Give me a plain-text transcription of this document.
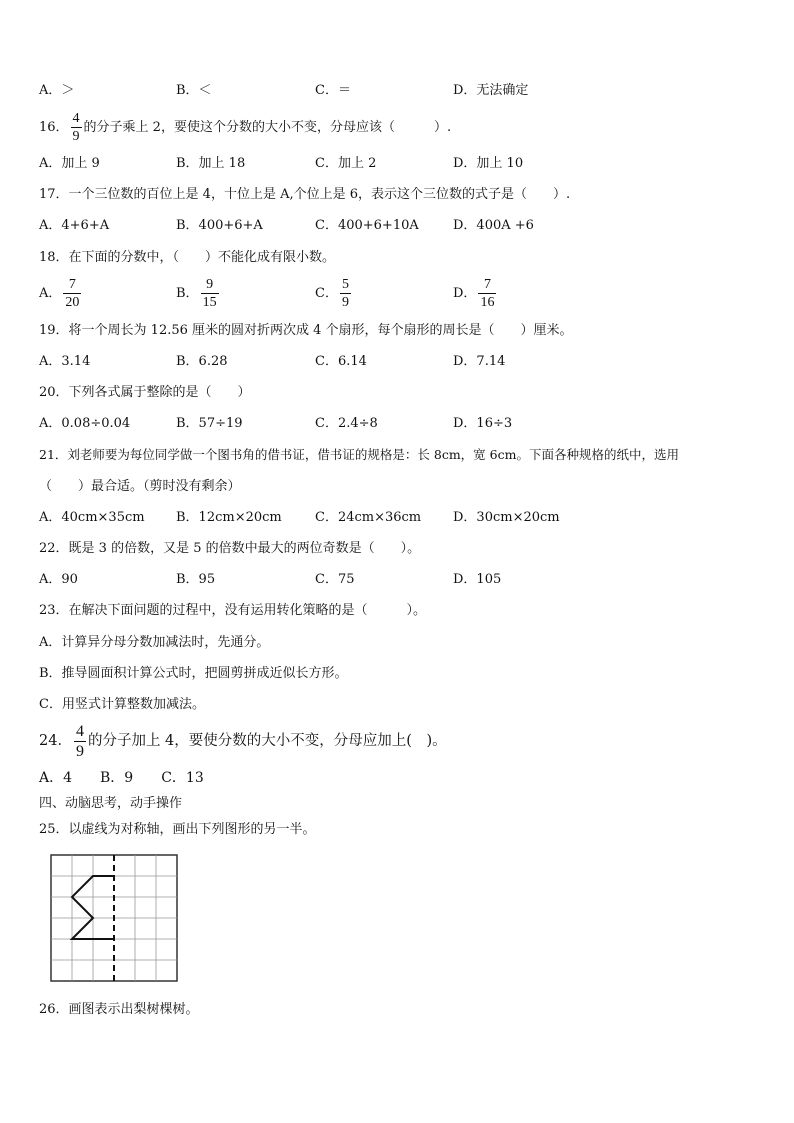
A．＞	B．＜	C．＝	D．无法确定
16． $\frac{4}{9}$ 的分子乘上 2，要使这个分数的大小不变，分母应该（　　　）.
A．加上 9	B．加上 18	C．加上 2	D．加上 10
17．一个三位数的百位上是 4，十位上是 A,个位上是 6，表示这个三位数的式子是（　　）.
A．4+6+A	B．400+6+A	C．400+6+10A	D．400A +6
18．在下面的分数中，（　　）不能化成有限小数。
A． $\frac{7}{20}$	B． $\frac{9}{15}$	C． $\frac{5}{9}$	D． $\frac{7}{16}$
19．将一个周长为 12.56 厘米的圆对折两次成 4 个扇形，每个扇形的周长是（　　）厘米。
A．3.14	B．6.28	C．6.14	D．7.14
20．下列各式属于整除的是（　　）
A．0.08÷0.04	B．57÷19	C．2.4÷8	D．16÷3
21．刘老师要为每位同学做一个图书角的借书证，借书证的规格是：长 8cm，宽 6cm。下面各种规格的纸中，选用
（　　）最合适。（剪时没有剩余）
A．40cm×35cm B．12cm×20cm	C．24cm×36cm D．30cm×20cm
22．既是 3 的倍数，又是 5 的倍数中最大的两位奇数是（　　）。
A．90	B．95	C．75	D．105
23．在解决下面问题的过程中，没有运用转化策略的是（　　　）。
A．计算异分母分数加减法时，先通分。
B．推导圆面积计算公式时，把圆剪拼成近似长方形。
C．用竖式计算整数加减法。
24． $\frac{4}{9}$ 的分子加上 4，要使分数的大小不变，分母应加上(　)。
A．4　　B．9　　C．13
四、动脑思考，动手操作
25．以虚线为对称轴，画出下列图形的另一半。
26．画图表示出梨树棵树。
